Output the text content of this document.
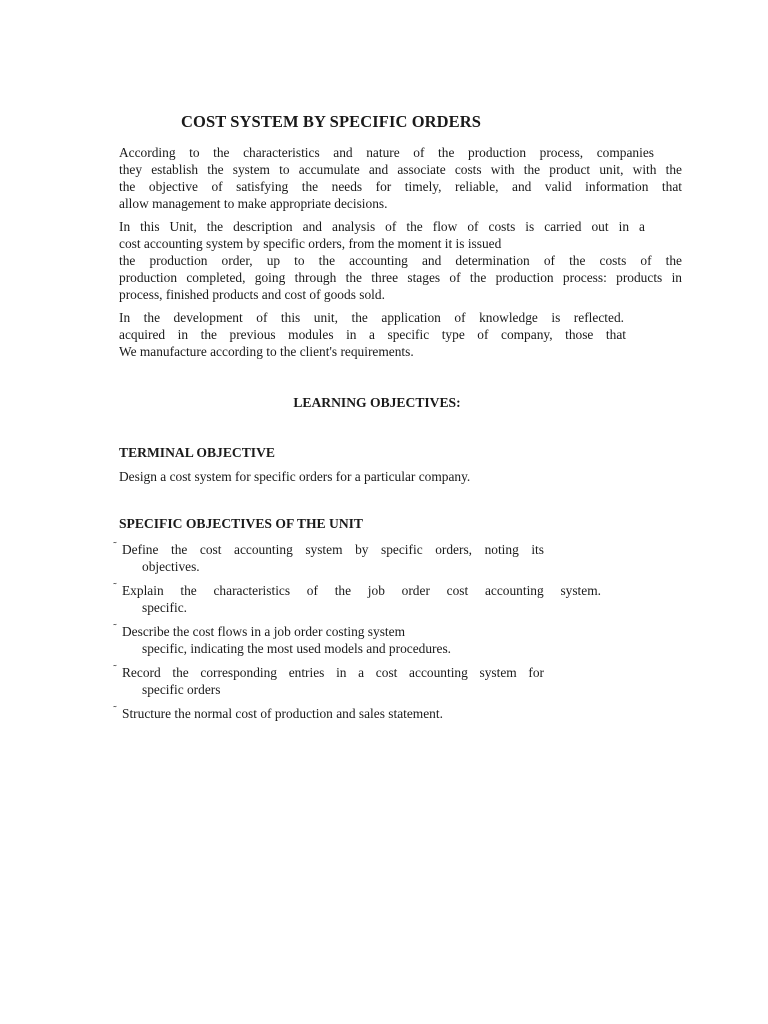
COST SYSTEM BY SPECIFIC ORDERS
According to the characteristics and nature of the production process, companies
they establish the system to accumulate and associate costs with the product unit, with the
the objective of satisfying the needs for timely, reliable, and valid information that
allow management to make appropriate decisions.
In this Unit, the description and analysis of the flow of costs is carried out in a
cost accounting system by specific orders, from the moment it is issued
the production order, up to the accounting and determination of the costs of the
production completed, going through the three stages of the production process: products in
process, finished products and cost of goods sold.
In the development of this unit, the application of knowledge is reflected.
acquired in the previous modules in a specific type of company, those that
We manufacture according to the client's requirements.
LEARNING OBJECTIVES:
TERMINAL OBJECTIVE
Design a cost system for specific orders for a particular company.
SPECIFIC OBJECTIVES OF THE UNIT
˜ Define the cost accounting system by specific orders, noting its
objectives.
˜ Explain the characteristics of the job order cost accounting system.
specific.
˜ Describe the cost flows in a job order costing system
specific, indicating the most used models and procedures.
˜ Record the corresponding entries in a cost accounting system for
specific orders
˜ Structure the normal cost of production and sales statement.
